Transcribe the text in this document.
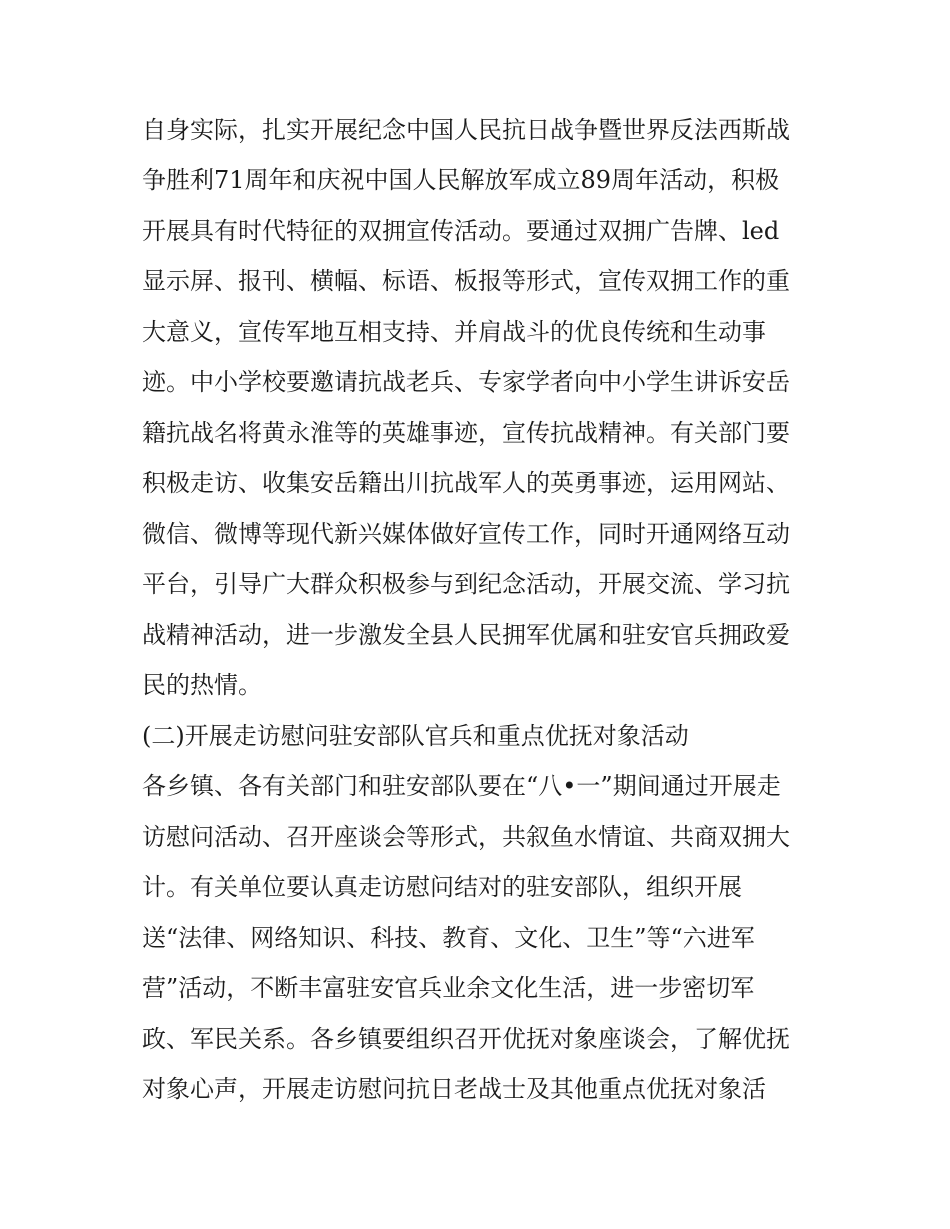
自身实际，扎实开展纪念中国人民抗日战争暨世界反法西斯战
争胜利71周年和庆祝中国人民解放军成立89周年活动，积极
开展具有时代特征的双拥宣传活动。要通过双拥广告牌、led
显示屏、报刊、横幅、标语、板报等形式，宣传双拥工作的重
大意义，宣传军地互相支持、并肩战斗的优良传统和生动事
迹。中小学校要邀请抗战老兵、专家学者向中小学生讲诉安岳
籍抗战名将黄永淮等的英雄事迹，宣传抗战精神。有关部门要
积极走访、收集安岳籍出川抗战军人的英勇事迹，运用网站、
微信、微博等现代新兴媒体做好宣传工作，同时开通网络互动
平台，引导广大群众积极参与到纪念活动，开展交流、学习抗
战精神活动，进一步激发全县人民拥军优属和驻安官兵拥政爱
民的热情。
(二)开展走访慰问驻安部队官兵和重点优抚对象活动
各乡镇、各有关部门和驻安部队要在“八•一”期间通过开展走
访慰问活动、召开座谈会等形式，共叙鱼水情谊、共商双拥大
计。有关单位要认真走访慰问结对的驻安部队，组织开展
送“法律、网络知识、科技、教育、文化、卫生”等“六进军
营”活动，不断丰富驻安官兵业余文化生活，进一步密切军
政、军民关系。各乡镇要组织召开优抚对象座谈会，了解优抚
对象心声，开展走访慰问抗日老战士及其他重点优抚对象活
